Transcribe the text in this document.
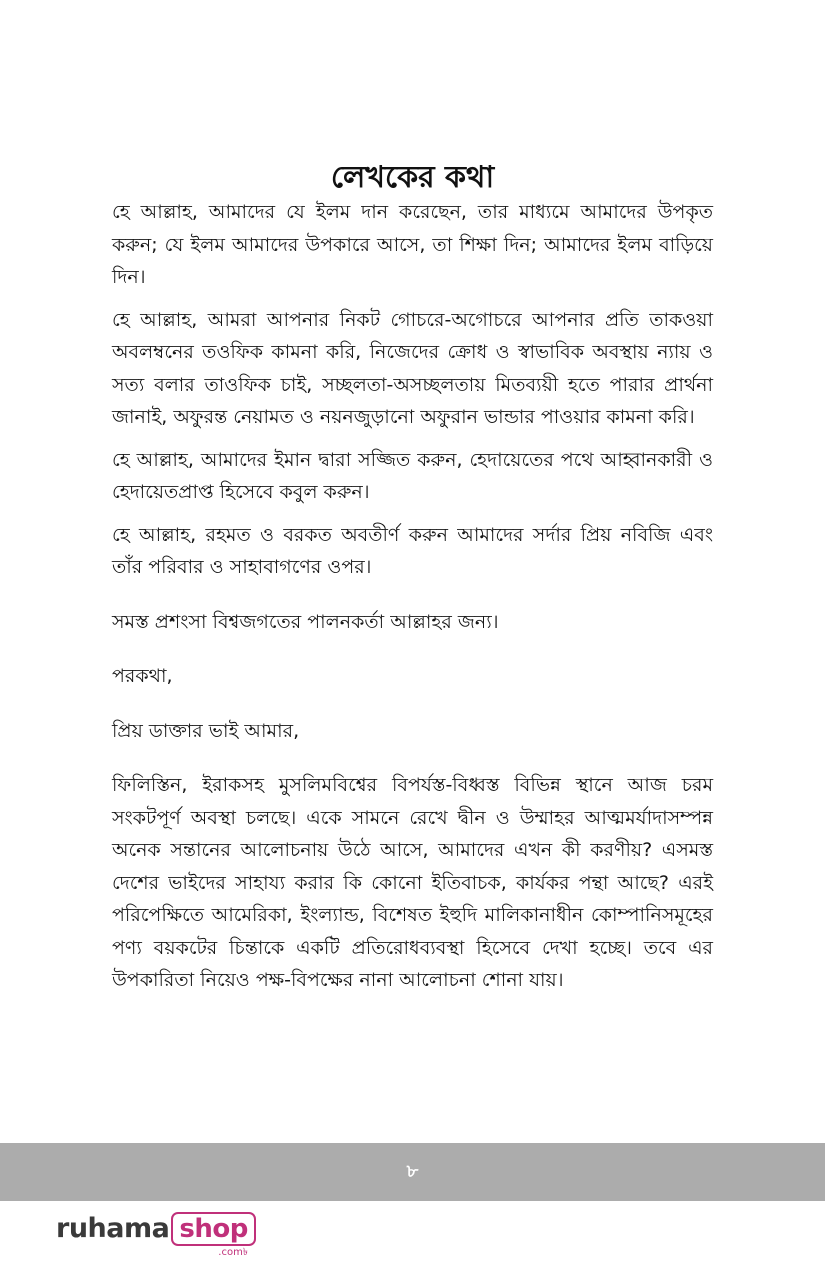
লেখকের কথা

হে আল্লাহ, আমাদের যে ইলম দান করেছেন, তার মাধ্যমে আমাদের উপকৃত করুন; যে ইলম আমাদের উপকারে আসে, তা শিক্ষা দিন; আমাদের ইলম বাড়িয়ে দিন।

হে আল্লাহ, আমরা আপনার নিকট গোচরে-অগোচরে আপনার প্রতি তাকওয়া অবলম্বনের তওফিক কামনা করি, নিজেদের ক্রোধ ও স্বাভাবিক অবস্থায় ন্যায় ও সত্য বলার তাওফিক চাই, সচ্ছলতা-অসচ্ছলতায় মিতব্যয়ী হতে পারার প্রার্থনা জানাই, অফুরন্ত নেয়ামত ও নয়নজুড়ানো অফুরান ভান্ডার পাওয়ার কামনা করি।

হে আল্লাহ, আমাদের ইমান দ্বারা সজ্জিত করুন, হেদায়েতের পথে আহ্বানকারী ও হেদায়েতপ্রাপ্ত হিসেবে কবুল করুন।

হে আল্লাহ, রহমত ও বরকত অবতীর্ণ করুন আমাদের সর্দার প্রিয় নবিজি এবং তাঁর পরিবার ও সাহাবাগণের ওপর।

সমস্ত প্রশংসা বিশ্বজগতের পালনকর্তা আল্লাহর জন্য।

পরকথা,

প্রিয় ডাক্তার ভাই আমার,

ফিলিস্তিন, ইরাকসহ মুসলিমবিশ্বের বিপর্যস্ত-বিধ্বস্ত বিভিন্ন স্থানে আজ চরম সংকটপূর্ণ অবস্থা চলছে। একে সামনে রেখে দ্বীন ও উম্মাহর আত্মমর্যাদাসম্পন্ন অনেক সন্তানের আলোচনায় উঠে আসে, আমাদের এখন কী করণীয়? এসমস্ত দেশের ভাইদের সাহায্য করার কি কোনো ইতিবাচক, কার্যকর পন্থা আছে? এরই পরিপেক্ষিতে আমেরিকা, ইংল্যান্ড, বিশেষত ইহুদি মালিকানাধীন কোম্পানিসমূহের পণ্য বয়কটের চিন্তাকে একটি প্রতিরোধব্যবস্থা হিসেবে দেখা হচ্ছে। তবে এর উপকারিতা নিয়েও পক্ষ-বিপক্ষের নানা আলোচনা শোনা যায়।

৮
ruhama shop
.com৳
